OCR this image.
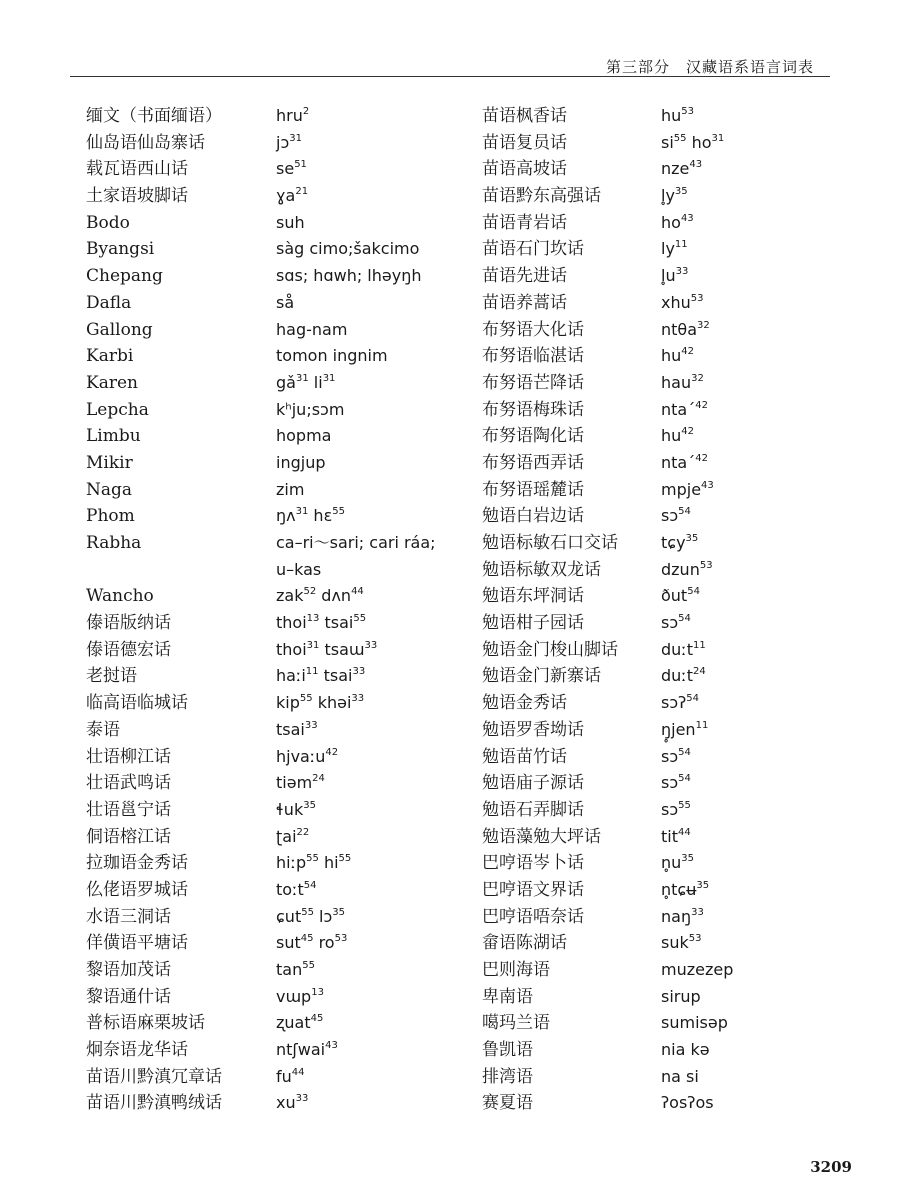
第三部分　汉藏语系语言词表
缅文（书面缅语）
仙岛语仙岛寨话
载瓦语西山话
土家语坡脚话
Bodo
Byangsi
Chepang
Dafla
Gallong
Karbi
Karen
Lepcha
Limbu
Mikir
Naga
Phom
Rabha
Wancho
傣语版纳话
傣语德宏话
老挝语
临高语临城话
泰语
壮语柳江话
壮语武鸣话
壮语邕宁话
侗语榕江话
拉珈语金秀话
仫佬语罗城话
水语三洞话
佯僙语平塘话
黎语加茂话
黎语通什话
普标语麻栗坡话
炯奈语龙华话
苗语川黔滇冗章话
苗语川黔滇鸭绒话
hru$^2$
jɔ$^{31}$
$se^{51}$
ɣa$^{21}$
suh
sàg cimo;šakcimo
sɑs; hɑwh; lhəyŋh
så
hag-nam
tomon ingnim
$gǎ^{31}$ $li^{31}$
kʰju;sɔm
hopma
ingjup
zim
ŋʌ$^{31}$ hɛ$^{55}$
ca–ri～sari; cari ráa;
u–kas
zak$^{52}$ dʌn$^{44}$
thoi$^{13}$ tsai$^{55}$
thoi$^{31}$ tsaɯ$^{33}$
haːi$^{11}$ tsai$^{33}$
kip$^{55}$ khəi$^{33}$
tsai$^{33}$
hjvaːu$^{42}$
tiəm$^{24}$
ɬuk$^{35}$
ʈai$^{22}$
hiːp$^{55}$ $hi^{55}$
toːt$^{54}$
ɕut$^{55}$ lɔ$^{35}$
sut$^{45}$ $ro^{53}$
$\tan^{55}$
vɯp$^{13}$
ʐuat$^{45}$
ntʃwai$^{43}$
$fu^{44}$
$xu^{33}$
苗语枫香话
苗语复员话
苗语高坡话
苗语黔东高强话
苗语青岩话
苗语石门坎话
苗语先进话
苗语养蒿话
布努语大化话
布努语临湛话
布努语芒降话
布努语梅珠话
布努语陶化话
布努语西弄话
布努语瑶麓话
勉语白岩边话
勉语标敏石口交话
勉语标敏双龙话
勉语东坪洞话
勉语柑子园话
勉语金门梭山脚话
勉语金门新寨话
勉语金秀话
勉语罗香坳话
勉语苗竹话
勉语庙子源话
勉语石弄脚话
勉语藻勉大坪话
巴哼语岑卜话
巴哼语文界话
巴哼语唔奈话
畲语陈湖话
巴则海语
卑南语
噶玛兰语
鲁凯语
排湾语
赛夏语
$hu^{53}$
$si^{55}$ $ho^{31}$
nze$^{43}$
$l̥y^{35}$
$ho^{43}$
$ly^{11}$
$l̥u^{33}$
xhu$^{53}$
ntθa$^{32}$
$hu^{42}$
hau$^{32}$
ntaˊ$^{42}$
$hu^{42}$
ntaˊ$^{42}$
mpje$^{43}$
sɔ$^{54}$
tɕy$^{35}$
dzun$^{53}$
ðut$^{54}$
sɔ$^{54}$
duːt$^{11}$
duːt$^{24}$
sɔʔ$^{54}$
ŋ̥jen$^{11}$
sɔ$^{54}$
sɔ$^{54}$
sɔ$^{55}$
tit$^{44}$
$n̥u^{35}$
n̥tɕʉ$^{35}$
naŋ$^{33}$
suk$^{53}$
muzezep
sirup
sumisəp
nia kə
na si
ʔosʔos
3209
